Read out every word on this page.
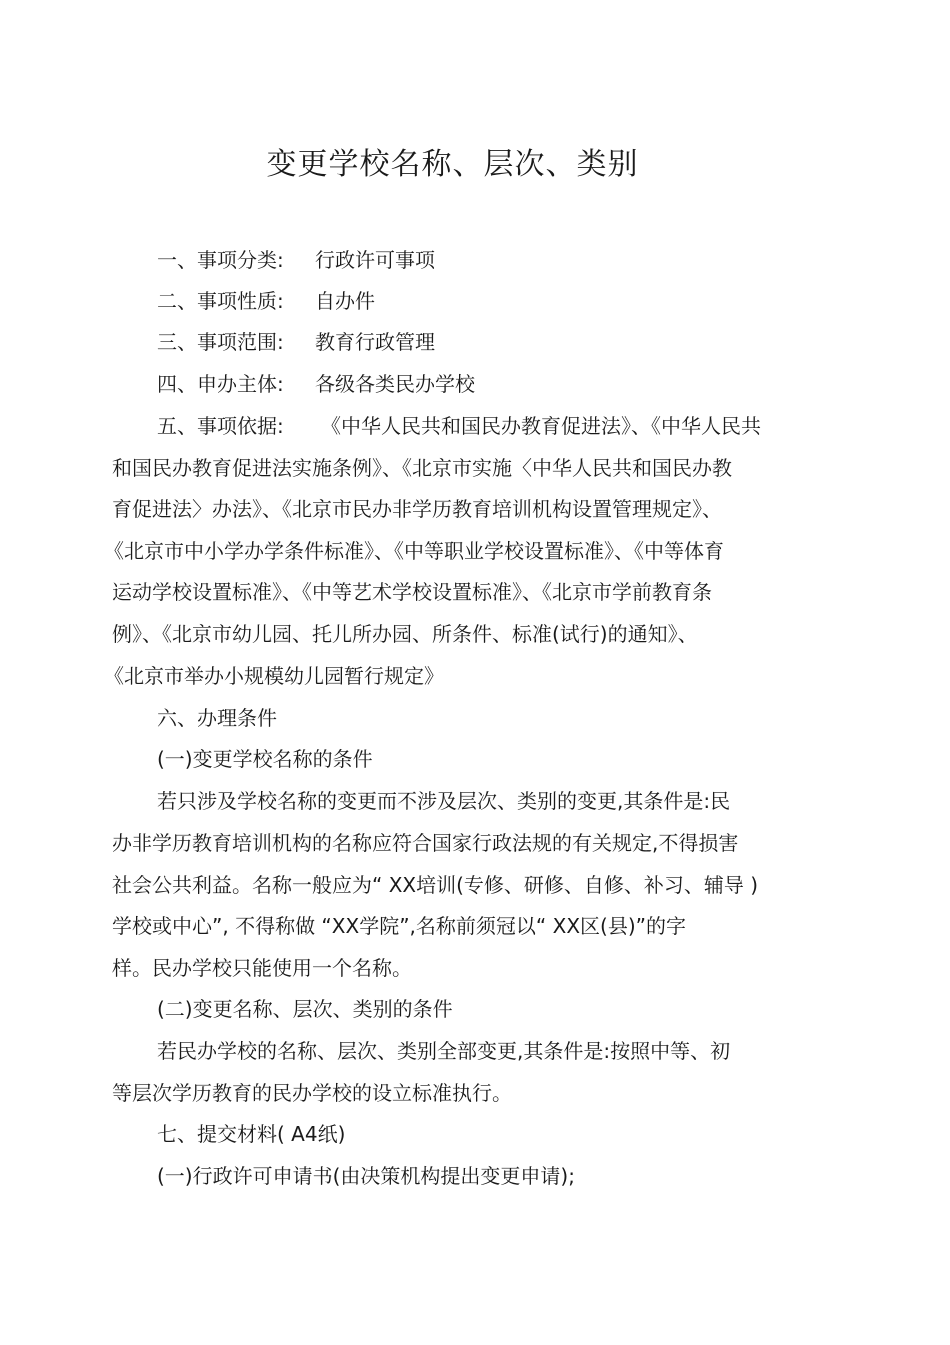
变更学校名称、层次、类别
一、事项分类: 行政许可事项
二、事项性质: 自办件
三、事项范围: 教育行政管理
四、申办主体: 各级各类民办学校
五、事项依据: 《中华人民共和国民办教育促进法》、《中华人民共
和国民办教育促进法实施条例》、《北京市实施〈中华人民共和国民办教
育促进法〉办法》、《北京市民办非学历教育培训机构设置管理规定》、
《北京市中小学办学条件标准》、《中等职业学校设置标准》、《中等体育
运动学校设置标准》、《中等艺术学校设置标准》、《北京市学前教育条
例》、《北京市幼儿园、托儿所办园、所条件、标准(试行)的通知》、
《北京市举办小规模幼儿园暂行规定》
六、办理条件
(一)变更学校名称的条件
若只涉及学校名称的变更而不涉及层次、类别的变更,其条件是:民
办非学历教育培训机构的名称应符合国家行政法规的有关规定,不得损害
社会公共利益。名称一般应为“ XX培训(专修、研修、自修、补习、辅导 )
学校或中心”, 不得称做 “XX学院”,名称前须冠以“ XX区(县)”的字
样。民办学校只能使用一个名称。
(二)变更名称、层次、类别的条件
若民办学校的名称、层次、类别全部变更,其条件是:按照中等、初
等层次学历教育的民办学校的设立标准执行。
七、提交材料( A4纸)
(一)行政许可申请书(由决策机构提出变更申请);
